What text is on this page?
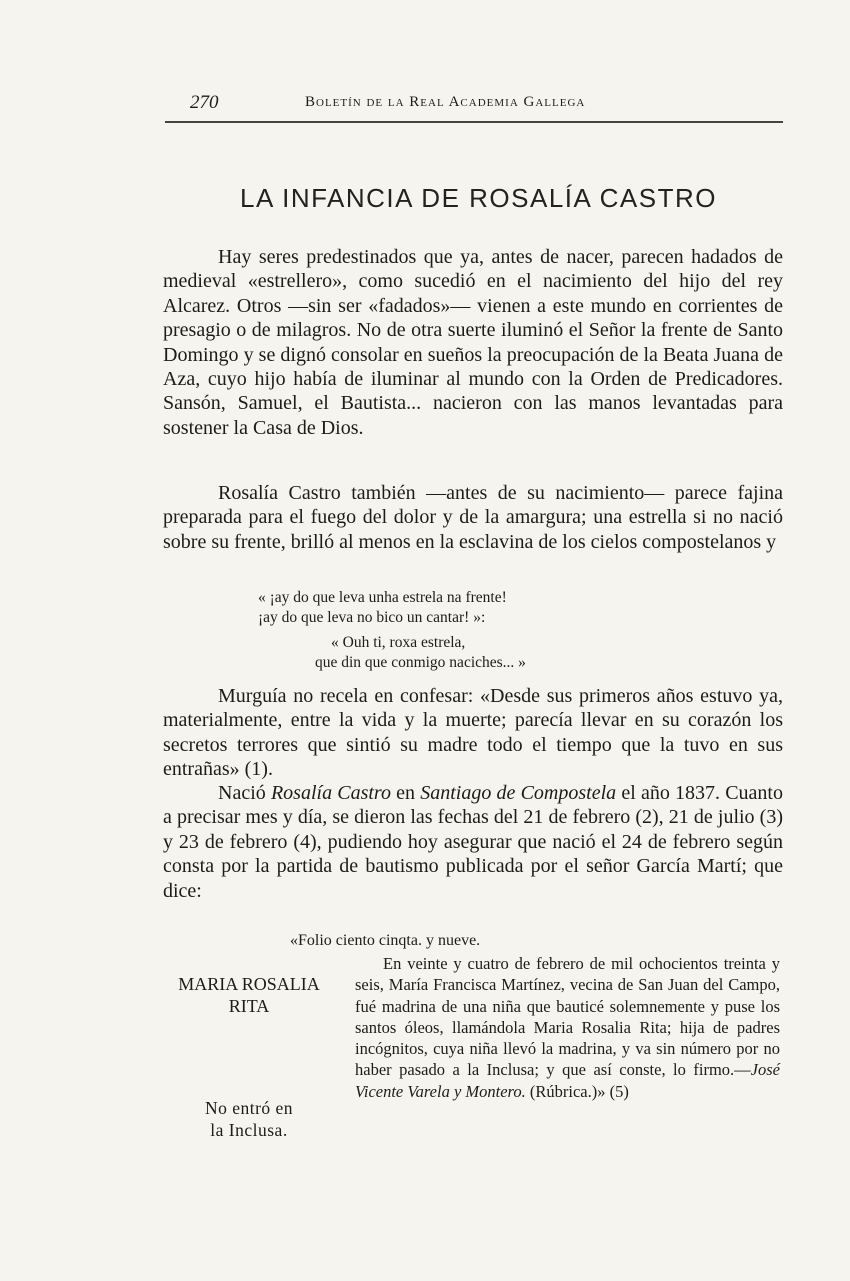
270	Boletín de la Real Academia Gallega
LA INFANCIA DE ROSALÍA CASTRO

Hay seres predestinados que ya, antes de nacer, parecen hadados de medieval «estrellero», como sucedió en el nacimiento del hijo del rey Alcarez. Otros —sin ser «fadados»— vienen a este mundo en corrientes de presagio o de milagros. No de otra suerte iluminó el Señor la frente de Santo Domingo y se dignó consolar en sueños la preocupación de la Beata Juana de Aza, cuyo hijo había de iluminar al mundo con la Orden de Predicadores. Sansón, Samuel, el Bautista... nacieron con las manos levantadas para sostener la Casa de Dios.

Rosalía Castro también —antes de su nacimiento— parece fajina preparada para el fuego del dolor y de la amargura; una estrella si no nació sobre su frente, brilló al menos en la esclavina de los cielos compostelanos y

« ¡ay do que leva unha estrela na frente!
¡ay do que leva no bico un cantar! »:
« Ouh ti, roxa estrela,
que din que conmigo naciches... »

Murguía no recela en confesar: «Desde sus primeros años estuvo ya, materialmente, entre la vida y la muerte; parecía llevar en su corazón los secretos terrores que sintió su madre todo el tiempo que la tuvo en sus entrañas» (1).

Nació Rosalía Castro en Santiago de Compostela el año 1837. Cuanto a precisar mes y día, se dieron las fechas del 21 de febrero (2), 21 de julio (3) y 23 de febrero (4), pudiendo hoy asegurar que nació el 24 de febrero según consta por la partida de bautismo publicada por el señor García Martí; que dice:

«Folio ciento cinqta. y nueve.
MARIA ROSALIA
RITA
No entró en
la Inclusa.

En veinte y cuatro de febrero de mil ochocientos treinta y seis, María Francisca Martínez, vecina de San Juan del Campo, fué madrina de una niña que bauticé solemnemente y puse los santos óleos, llamándola Maria Rosalia Rita; hija de padres incógnitos, cuya niña llevó la madrina, y va sin número por no haber pasado a la Inclusa; y que así conste, lo firmo.—José Vicente Varela y Montero. (Rúbrica.)» (5)
